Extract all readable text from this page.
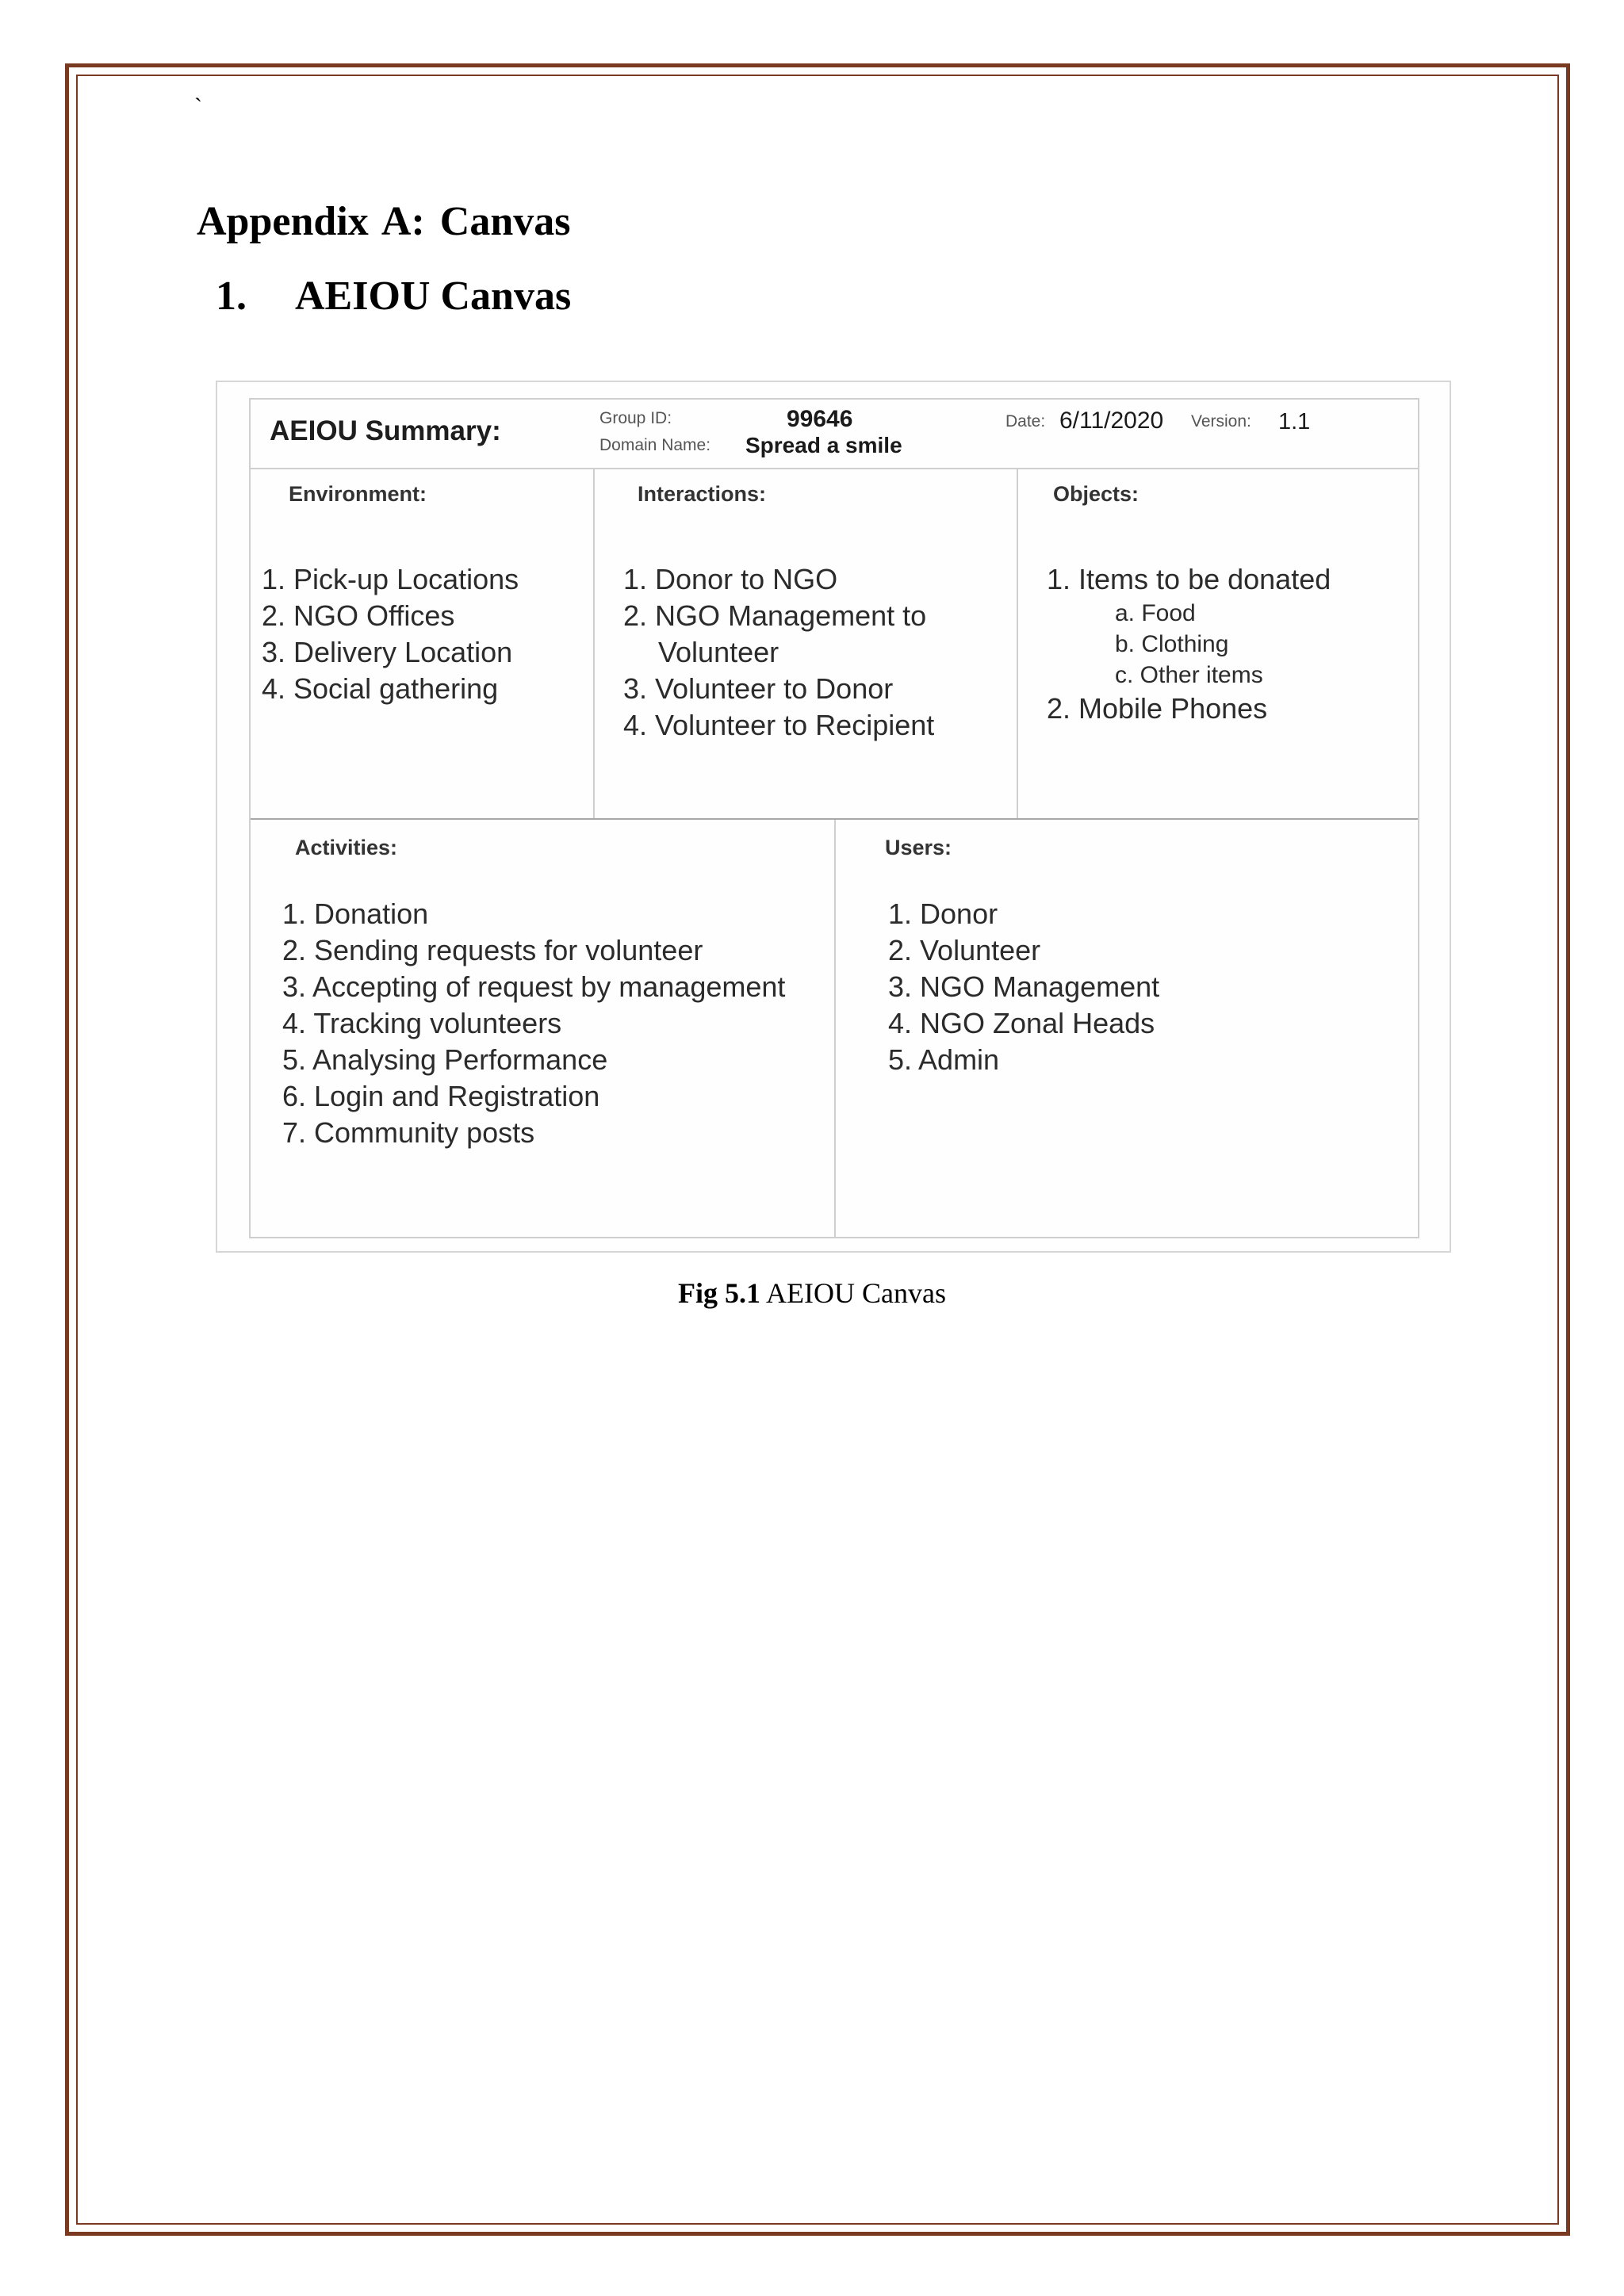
`
Appendix A: Canvas
1. AEIOU Canvas
AEIOU Summary:	Group ID:	99646
Domain Name: Spread a smile
Date: 6/11/2020 Version: 1.1
Environment:
1. Pick-up Locations
2. NGO Offices
3. Delivery Location
4. Social gathering
Interactions:
1. Donor to NGO
2. NGO Management to
Volunteer
3. Volunteer to Donor
4. Volunteer to Recipient
Objects:
1. Items to be donated
a. Food
b. Clothing
c. Other items
2. Mobile Phones
Activities:
1. Donation
2. Sending requests for volunteer
3. Accepting of request by management
4. Tracking volunteers
5. Analysing Performance
6. Login and Registration
7. Community posts
Users:
1. Donor
2. Volunteer
3. NGO Management
4. NGO Zonal Heads
5. Admin
Fig 5.1 AEIOU Canvas
